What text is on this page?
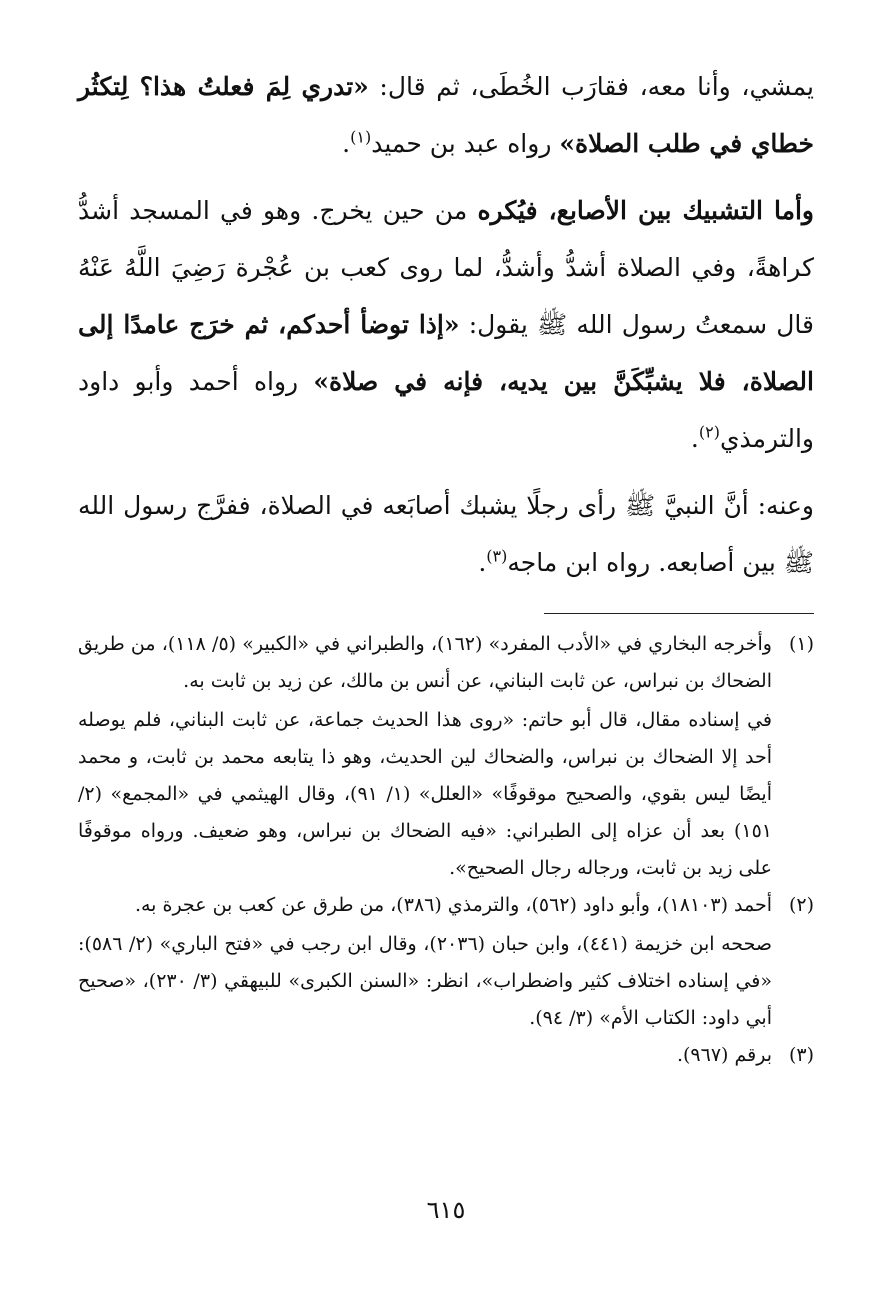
يمشي، وأنا معه، فقارَب الخُطَى، ثم قال: «تدري لِمَ فعلتُ هذا؟ لِتكثُر خطاي في طلب الصلاة» رواه عبد بن حميد$^{(١)}$.

وأما التشبيك بين الأصابع، فيُكره من حين يخرج. وهو في المسجد أشدُّ كراهةً، وفي الصلاة أشدُّ وأشدُّ، لما روى كعب بن عُجْرة رَضِيَ اللَّهُ عَنْهُ قال سمعتُ رسول الله ﷺ يقول: «إذا توضأ أحدكم، ثم خرَج عامدًا إلى الصلاة، فلا يشبِّكَنَّ بين يديه، فإنه في صلاة» رواه أحمد وأبو داود والترمذي$^{(٢)}$.

وعنه: أنَّ النبيَّ ﷺ رأى رجلًا يشبك أصابَعه في الصلاة، ففرَّج رسول الله ﷺ بين أصابعه. رواه ابن ماجه$^{(٣)}$.

(١)
وأخرجه البخاري في «الأدب المفرد» (١٦٢)، والطبراني في «الكبير» (٥/ ١١٨)، من طريق الضحاك بن نبراس، عن ثابت البناني، عن أنس بن مالك، عن زيد بن ثابت به.
في إسناده مقال، قال أبو حاتم: «روى هذا الحديث جماعة، عن ثابت البناني، فلم يوصله أحد إلا الضحاك بن نبراس، والضحاك لين الحديث، وهو ذا يتابعه محمد بن ثابت، و محمد أيضًا ليس بقوي، والصحيح موقوفًا» «العلل» (١/ ٩١)، وقال الهيثمي في «المجمع» (٢/ ١٥١) بعد أن عزاه إلى الطبراني: «فيه الضحاك بن نبراس، وهو ضعيف. ورواه موقوفًا على زيد بن ثابت، ورجاله رجال الصحيح».
(٢)
أحمد (١٨١٠٣)، وأبو داود (٥٦٢)، والترمذي (٣٨٦)، من طرق عن كعب بن عجرة به.
صححه ابن خزيمة (٤٤١)، وابن حبان (٢٠٣٦)، وقال ابن رجب في «فتح الباري» (٢/ ٥٨٦): «في إسناده اختلاف كثير واضطراب»، انظر: «السنن الكبرى» للبيهقي (٣/ ٢٣٠)، «صحيح أبي داود: الكتاب الأم» (٣/ ٩٤).
(٣)
برقم (٩٦٧).
٦١٥
